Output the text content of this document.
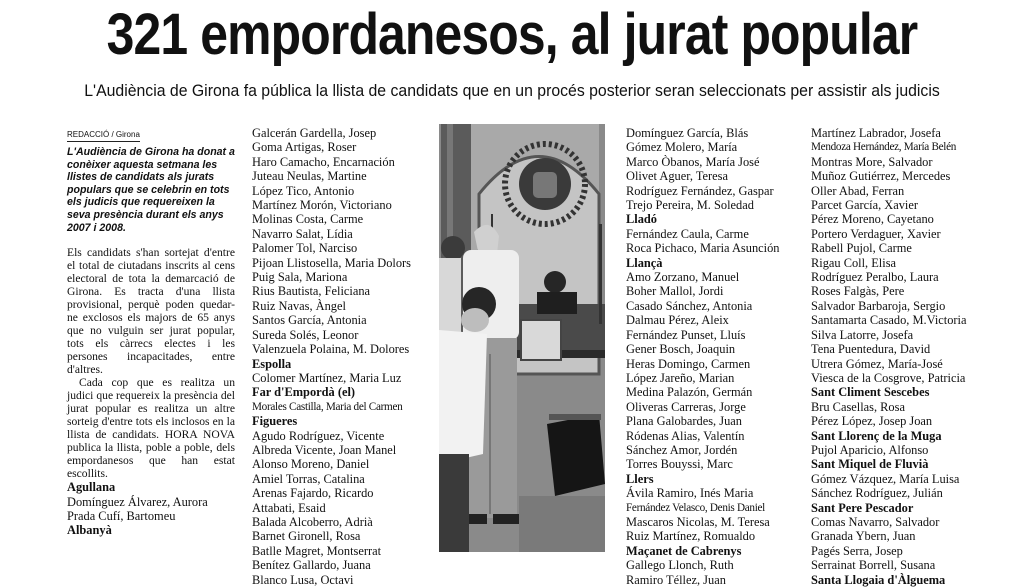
321 empordanesos, al jurat popular
L'Audiència de Girona fa pública la llista de candidats que en un procés posterior seran seleccionats per assistir als judicis
REDACCIÓ / Girona

L'Audiència de Girona ha donat a conèixer aquesta setmana les llistes de candidats als jurats populars que se celebrin en tots els judicis que requereixen la seva presència durant els anys 2007 i 2008.

Els candidats s'han sortejat d'entre el total de ciutadans inscrits al cens electoral de tota la demarcació de Girona. Es tracta d'una llista provisional, perquè poden quedar-ne exclosos els majors de 65 anys que no vulguin ser jurat popular, tots els càrrecs electes i les persones incapacitades, entre d'altres.

Cada cop que es realitza un judici que requereix la presència del jurat popular es realitza un altre sorteig d'entre tots els inclosos en la llista de candidats. HORA NOVA publica la llista, poble a poble, dels empordanesos que han estat escollits.

Agullana
Domínguez Álvarez, Aurora
Prada Cufí, Bartomeu
Albanyà
Galcerán Gardella, Josep
Goma Artigas, Roser
Haro Camacho, Encarnación
Juteau Neulas, Martine
López Tico, Antonio
Martínez Morón, Victoriano
Molinas Costa, Carme
Navarro Salat, Lídia
Palomer Tol, Narciso
Pijoan Llistosella, Maria Dolors
Puig Sala, Mariona
Rius Bautista, Feliciana
Ruiz Navas, Àngel
Santos García, Antonia
Sureda Solés, Leonor
Valenzuela Polaina, M. Dolores
Espolla
Colomer Martínez, Maria Luz
Far d'Empordà (el)
Morales Castilla, Maria del Carmen
Figueres
Agudo Rodríguez, Vicente
Albreda Vicente, Joan Manel
Alonso Moreno, Daniel
Amiel Torras, Catalina
Arenas Fajardo, Ricardo
Attabati, Esaid
Balada Alcoberro, Adrià
Barnet Gironell, Rosa
Batlle Magret, Montserrat
Benítez Gallardo, Juana
Blanco Lusa, Octavi
Domínguez García, Blás
Gómez Molero, María
Marco Òbanos, María José
Olivet Aguer, Teresa
Rodríguez Fernández, Gaspar
Trejo Pereira, M. Soledad
Lladó
Fernández Caula, Carme
Roca Pichaco, Maria Asunción
Llançà
Amo Zorzano, Manuel
Boher Mallol, Jordi
Casado Sánchez, Antonia
Dalmau Pérez, Aleix
Fernández Punset, Lluís
Gener Bosch, Joaquin
Heras Domingo, Carmen
López Jareño, Marian
Medina Palazón, Germán
Oliveras Carreras, Jorge
Plana Galobardes, Juan
Ródenas Alias, Valentín
Sánchez Amor, Jordén
Torres Bouyssi, Marc
Llers
Ávila Ramiro, Inés Maria
Fernández Velasco, Denis Daniel
Mascaros Nicolas, M. Teresa
Ruiz Martínez, Romualdo
Maçanet de Cabrenys
Gallego Llonch, Ruth
Ramiro Téllez, Juan
Martínez Labrador, Josefa
Mendoza Hernández, María Belén
Montras More, Salvador
Muñoz Gutiérrez, Mercedes
Oller Abad, Ferran
Parcet García, Xavier
Pérez Moreno, Cayetano
Portero Verdaguer, Xavier
Rabell Pujol, Carme
Rigau Coll, Elisa
Rodríguez Peralbo, Laura
Roses Falgàs, Pere
Salvador Barbaroja, Sergio
Santamarta Casado, M.Victoria
Silva Latorre, Josefa
Tena Puentedura, David
Utrera Gómez, María-José
Viesca de la Cosgrove, Patricia
Sant Climent Sescebes
Bru Casellas, Rosa
Pérez López, Josep Joan
Sant Llorenç de la Muga
Pujol Aparicio, Alfonso
Sant Miquel de Fluvià
Gómez Vázquez, María Luisa
Sánchez Rodríguez, Julián
Sant Pere Pescador
Comas Navarro, Salvador
Granada Ybern, Juan
Pagés Serra, Josep
Serrainat Borrell, Susana
Santa Llogaia d'Àlguema
